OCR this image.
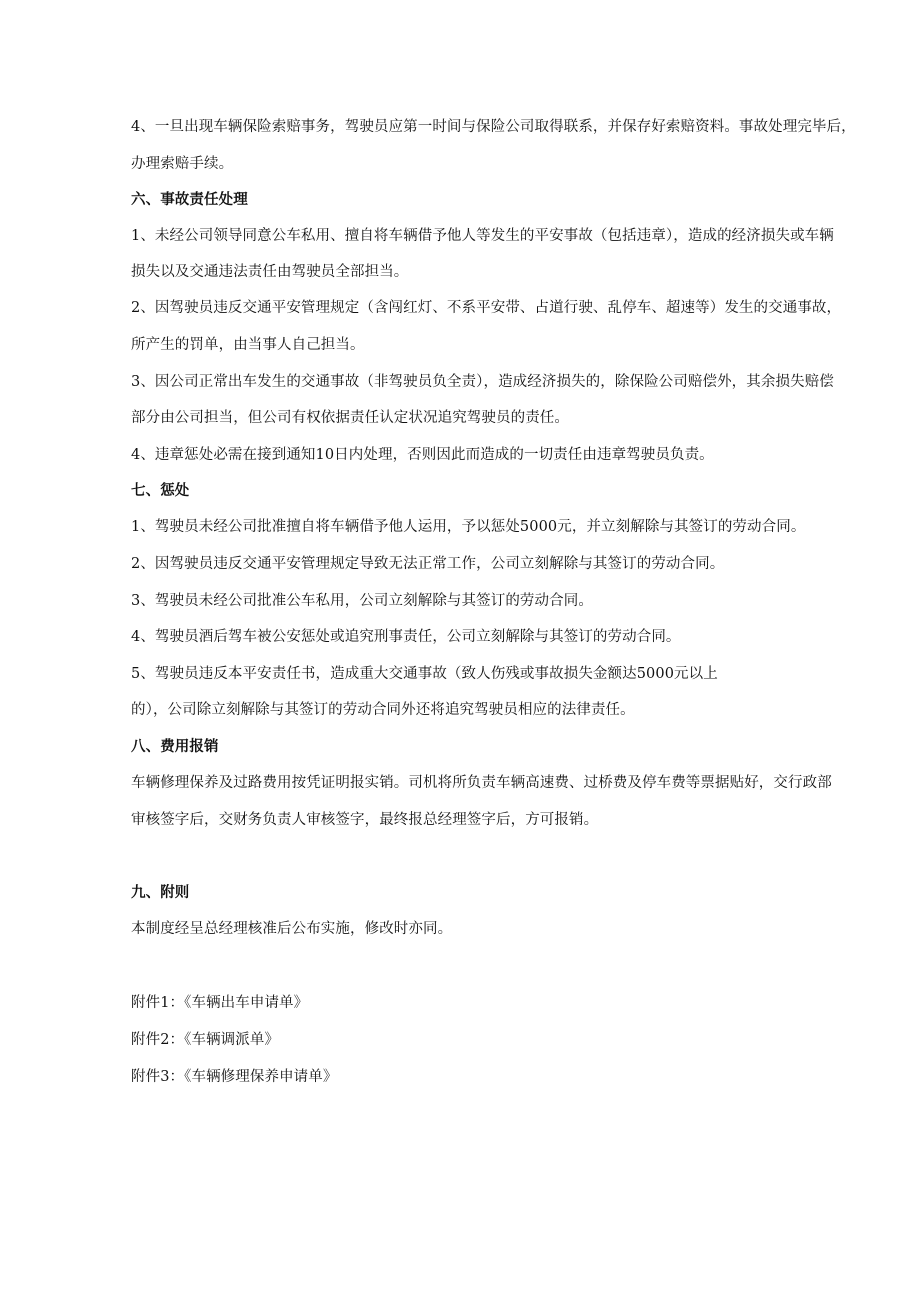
4、一旦出现车辆保险索赔事务，驾驶员应第一时间与保险公司取得联系，并保存好索赔资料。事故处理完毕后，
办理索赔手续。
六、事故责任处理
1、未经公司领导同意公车私用、擅自将车辆借予他人等发生的平安事故（包括违章），造成的经济损失或车辆
损失以及交通违法责任由驾驶员全部担当。
2、因驾驶员违反交通平安管理规定（含闯红灯、不系平安带、占道行驶、乱停车、超速等）发生的交通事故，
所产生的罚单，由当事人自己担当。
3、因公司正常出车发生的交通事故（非驾驶员负全责），造成经济损失的，除保险公司赔偿外，其余损失赔偿
部分由公司担当，但公司有权依据责任认定状况追究驾驶员的责任。
4、违章惩处必需在接到通知10日内处理，否则因此而造成的一切责任由违章驾驶员负责。
七、惩处
1、驾驶员未经公司批准擅自将车辆借予他人运用，予以惩处5000元，并立刻解除与其签订的劳动合同。
2、因驾驶员违反交通平安管理规定导致无法正常工作，公司立刻解除与其签订的劳动合同。
3、驾驶员未经公司批准公车私用，公司立刻解除与其签订的劳动合同。
4、驾驶员酒后驾车被公安惩处或追究刑事责任，公司立刻解除与其签订的劳动合同。
5、驾驶员违反本平安责任书，造成重大交通事故（致人伤残或事故损失金额达5000元以上
的），公司除立刻解除与其签订的劳动合同外还将追究驾驶员相应的法律责任。
八、费用报销
车辆修理保养及过路费用按凭证明报实销。司机将所负责车辆高速费、过桥费及停车费等票据贴好，交行政部
审核签字后，交财务负责人审核签字，最终报总经理签字后，方可报销。
九、附则
本制度经呈总经理核准后公布实施，修改时亦同。
附件1：《车辆出车申请单》
附件2：《车辆调派单》
附件3：《车辆修理保养申请单》
